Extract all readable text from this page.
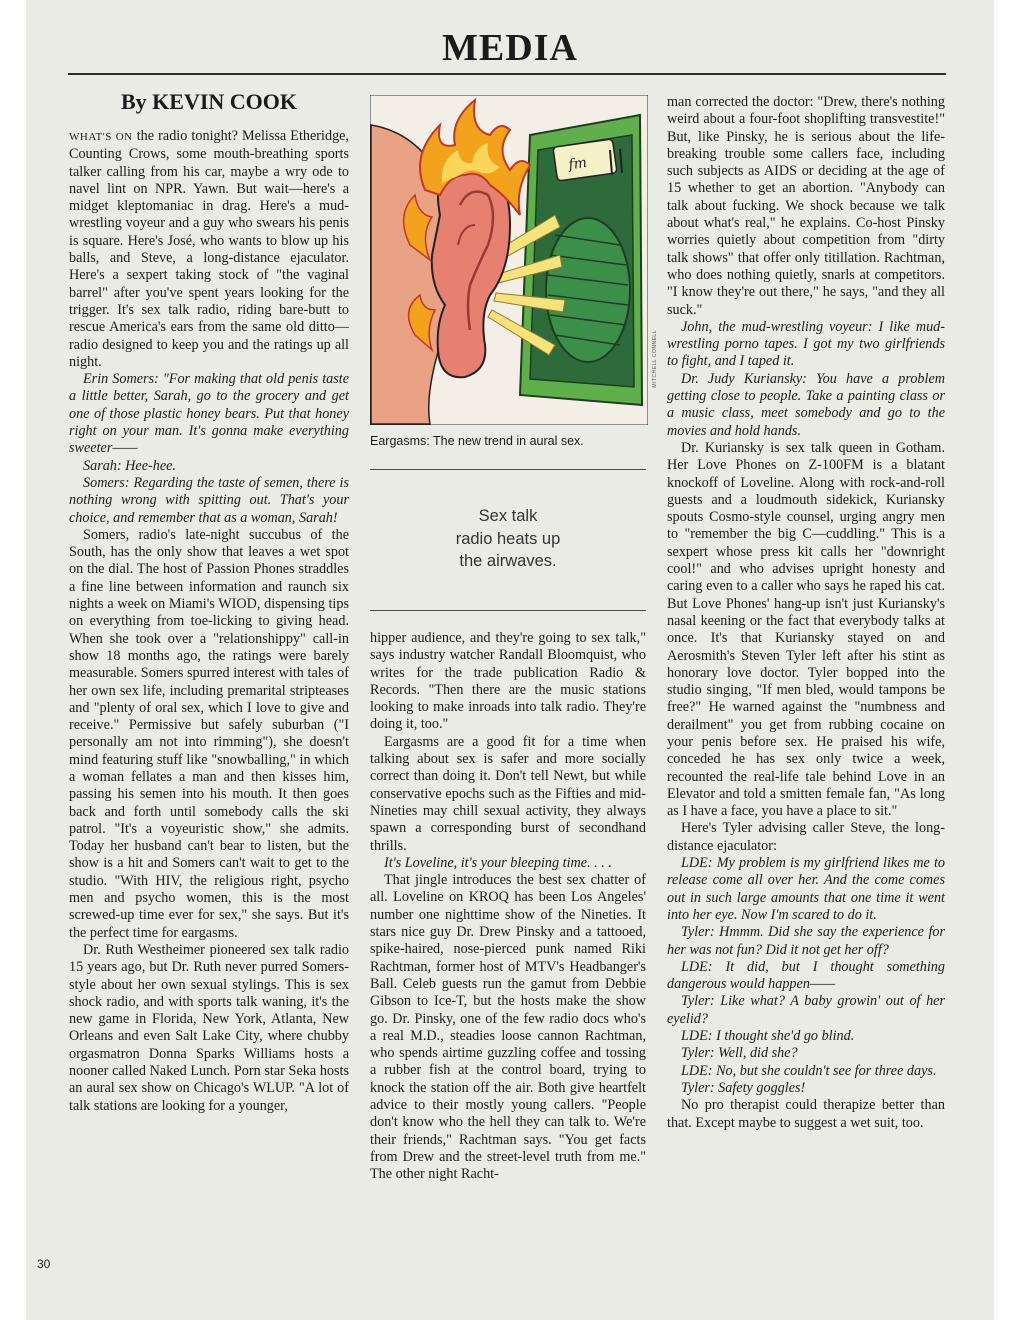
MEDIA
By KEVIN COOK

WHAT'S ON the radio tonight? Melissa Etheridge, Counting Crows, some mouth-breathing sports talker calling from his car, maybe a wry ode to navel lint on NPR. Yawn. But wait—here's a midget kleptomaniac in drag. Here's a mud-wrestling voyeur and a guy who swears his penis is square. Here's José, who wants to blow up his balls, and Steve, a long-distance ejaculator. Here's a sexpert taking stock of "the vaginal barrel" after you've spent years looking for the trigger. It's sex talk radio, riding bare-butt to rescue America's ears from the same old ditto—radio designed to keep you and the ratings up all night.

Erin Somers: "For making that old penis taste a little better, Sarah, go to the grocery and get one of those plastic honey bears. Put that honey right on your man. It's gonna make everything sweeter——

Sarah: Hee-hee.

Somers: Regarding the taste of semen, there is nothing wrong with spitting out. That's your choice, and remember that as a woman, Sarah!

Somers, radio's late-night succubus of the South, has the only show that leaves a wet spot on the dial. The host of Passion Phones straddles a fine line between information and raunch six nights a week on Miami's WIOD, dispensing tips on everything from toe-licking to giving head. When she took over a "relationshippy" call-in show 18 months ago, the ratings were barely measurable. Somers spurred interest with tales of her own sex life, including premarital stripteases and "plenty of oral sex, which I love to give and receive." Permissive but safely suburban ("I personally am not into rimming"), she doesn't mind featuring stuff like "snowballing," in which a woman fellates a man and then kisses him, passing his semen into his mouth. It then goes back and forth until somebody calls the ski patrol. "It's a voyeuristic show," she admits. Today her husband can't bear to listen, but the show is a hit and Somers can't wait to get to the studio. "With HIV, the religious right, psycho men and psycho women, this is the most screwed-up time ever for sex," she says. But it's the perfect time for eargasms.

Dr. Ruth Westheimer pioneered sex talk radio 15 years ago, but Dr. Ruth never purred Somers-style about her own sexual stylings. This is sex shock radio, and with sports talk waning, it's the new game in Florida, New York, Atlanta, New Orleans and even Salt Lake City, where chubby orgasmatron Donna Sparks Williams hosts a nooner called Naked Lunch. Porn star Seka hosts an aural sex show on Chicago's WLUP. "A lot of talk stations are looking for a younger,

fm
MITCHELL CONNELL
Eargasms: The new trend in aural sex.
Sex talk
radio heats up
the airwaves.

hipper audience, and they're going to sex talk," says industry watcher Randall Bloomquist, who writes for the trade publication Radio & Records. "Then there are the music stations looking to make inroads into talk radio. They're doing it, too."

Eargasms are a good fit for a time when talking about sex is safer and more socially correct than doing it. Don't tell Newt, but while conservative epochs such as the Fifties and mid-Nineties may chill sexual activity, they always spawn a corresponding burst of secondhand thrills.

It's Loveline, it's your bleeping time. . . .

That jingle introduces the best sex chatter of all. Loveline on KROQ has been Los Angeles' number one nighttime show of the Nineties. It stars nice guy Dr. Drew Pinsky and a tattooed, spike-haired, nose-pierced punk named Riki Rachtman, former host of MTV's Headbanger's Ball. Celeb guests run the gamut from Debbie Gibson to Ice-T, but the hosts make the show go. Dr. Pinsky, one of the few radio docs who's a real M.D., steadies loose cannon Rachtman, who spends airtime guzzling coffee and tossing a rubber fish at the control board, trying to knock the station off the air. Both give heartfelt advice to their mostly young callers. "People don't know who the hell they can talk to. We're their friends," Rachtman says. "You get facts from Drew and the street-level truth from me." The other night Racht-

man corrected the doctor: "Drew, there's nothing weird about a four-foot shoplifting transvestite!" But, like Pinsky, he is serious about the life-breaking trouble some callers face, including such subjects as AIDS or deciding at the age of 15 whether to get an abortion. "Anybody can talk about fucking. We shock because we talk about what's real," he explains. Co-host Pinsky worries quietly about competition from "dirty talk shows" that offer only titillation. Rachtman, who does nothing quietly, snarls at competitors. "I know they're out there," he says, "and they all suck."

John, the mud-wrestling voyeur: I like mud-wrestling porno tapes. I got my two girlfriends to fight, and I taped it.

Dr. Judy Kuriansky: You have a problem getting close to people. Take a painting class or a music class, meet somebody and go to the movies and hold hands.

Dr. Kuriansky is sex talk queen in Gotham. Her Love Phones on Z-100FM is a blatant knockoff of Loveline. Along with rock-and-roll guests and a loudmouth sidekick, Kuriansky spouts Cosmo-style counsel, urging angry men to "remember the big C—cuddling." This is a sexpert whose press kit calls her "downright cool!" and who advises upright honesty and caring even to a caller who says he raped his cat. But Love Phones' hang-up isn't just Kuriansky's nasal keening or the fact that everybody talks at once. It's that Kuriansky stayed on and Aerosmith's Steven Tyler left after his stint as honorary love doctor. Tyler bopped into the studio singing, "If men bled, would tampons be free?" He warned against the "numbness and derailment" you get from rubbing cocaine on your penis before sex. He praised his wife, conceded he has sex only twice a week, recounted the real-life tale behind Love in an Elevator and told a smitten female fan, "As long as I have a face, you have a place to sit."

Here's Tyler advising caller Steve, the long-distance ejaculator:

LDE: My problem is my girlfriend likes me to release come all over her. And the come comes out in such large amounts that one time it went into her eye. Now I'm scared to do it.

Tyler: Hmmm. Did she say the experience for her was not fun? Did it not get her off?

LDE: It did, but I thought something dangerous would happen——

Tyler: Like what? A baby growin' out of her eyelid?

LDE: I thought she'd go blind.

Tyler: Well, did she?

LDE: No, but she couldn't see for three days.

Tyler: Safety goggles!

No pro therapist could therapize better than that. Except maybe to suggest a wet suit, too.

30
